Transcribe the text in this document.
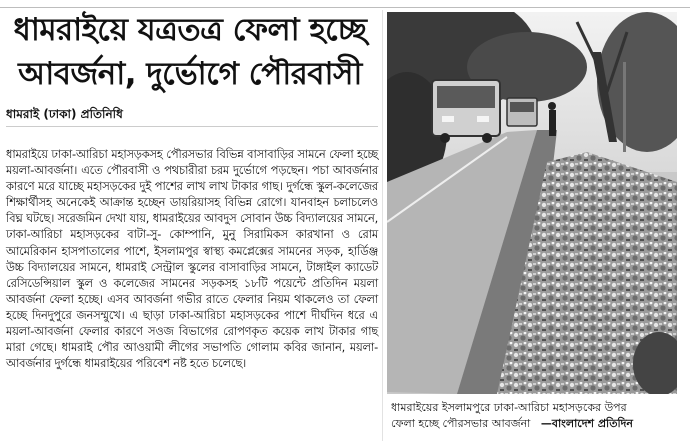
ধামরাইয়ে যত্রতত্র ফেলা হচ্ছে
আবর্জনা, দুর্ভোগে পৌরবাসী
ধামরাই (ঢাকা) প্রতিনিধি

ধামরাইয়ে ঢাকা-আরিচা মহাসড়কসহ পৌরসভার বিভিন্ন বাসাবাড়ির সামনে ফেলা হচ্ছে ময়লা-আবর্জনা। এতে পৌরবাসী ও পথচারীরা চরম দুর্ভোগে পড়ছেন। পচা আবর্জনার কারণে মরে যাচ্ছে মহাসড়কের দুই পাশের লাখ লাখ টাকার গাছ। দুর্গন্ধে স্কুল-কলেজের শিক্ষার্থীসহ অনেকেই আক্রান্ত হচ্ছেন ডায়রিয়াসহ বিভিন্ন রোগে। যানবাহন চলাচলেও বিঘ্ন ঘটছে। সরেজমিন দেখা যায়, ধামরাইয়ের আবদুস সোবান উচ্চ বিদ্যালয়ের সামনে, ঢাকা-আরিচা মহাসড়কের বাটা-সু- কোম্পানি, মুনু সিরামিকস কারখানা ও রোম আমেরিকান হাসপাতালের পাশে, ইসলামপুর স্বাস্থ্য কমপ্লেক্সের সামনের সড়ক, হার্ডিঞ্জ উচ্চ বিদ্যালয়ের সামনে, ধামরাই সেন্ট্রাল স্কুলের বাসাবাড়ির সামনে, টাঙ্গাইল ক্যাডেট রেসিডেন্সিয়াল স্কুল ও কলেজের সামনের সড়কসহ ১৮টি পয়েন্টে প্রতিদিন ময়লা আবর্জনা ফেলা হচ্ছে। এসব আবর্জনা গভীর রাতে ফেলার নিয়ম থাকলেও তা ফেলা হচ্ছে দিনদুপুরে জনসম্মুখে। এ ছাড়া ঢাকা-আরিচা মহাসড়কের পাশে দীর্ঘদিন ধরে এ ময়লা-আবর্জনা ফেলার কারণে সওজ বিভাগের রোপণকৃত কয়েক লাখ টাকার গাছ মারা গেছে। ধামরাই পৌর আওয়ামী লীগের সভাপতি গোলাম কবির জানান, ময়লা-আবর্জনার দুর্গন্ধে ধামরাইয়ের পরিবেশ নষ্ট হতে চলেছে।

ধামরাইয়ের ইসলামপুরে ঢাকা-আরিচা মহাসড়কের উপর
ফেলা হচ্ছে পৌরসভার আবর্জনা —বাংলাদেশ প্রতিদিন
